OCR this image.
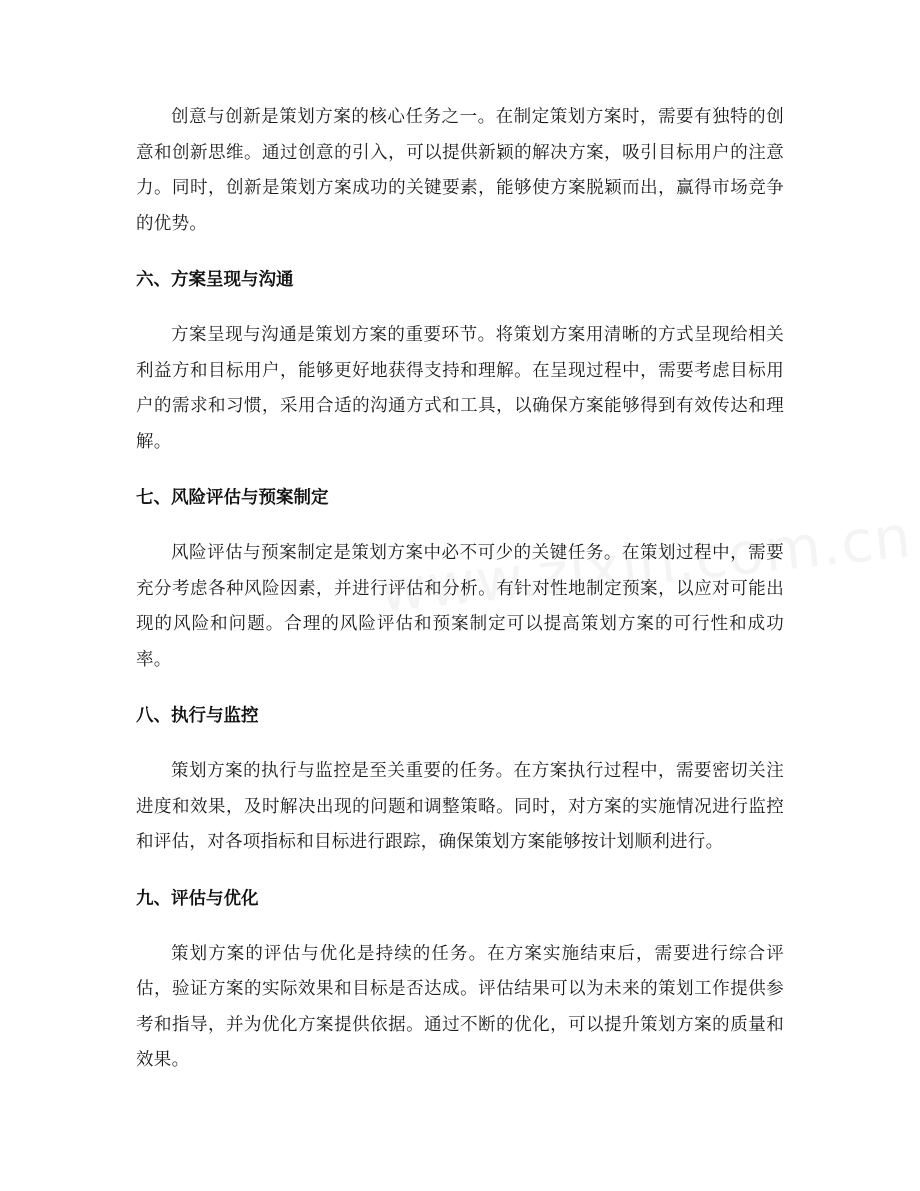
创意与创新是策划方案的核心任务之一。在制定策划方案时，需要有独特的创意和创新思维。通过创意的引入，可以提供新颖的解决方案，吸引目标用户的注意力。同时，创新是策划方案成功的关键要素，能够使方案脱颖而出，赢得市场竞争的优势。

六、方案呈现与沟通

方案呈现与沟通是策划方案的重要环节。将策划方案用清晰的方式呈现给相关利益方和目标用户，能够更好地获得支持和理解。在呈现过程中，需要考虑目标用户的需求和习惯，采用合适的沟通方式和工具，以确保方案能够得到有效传达和理解。

七、风险评估与预案制定

风险评估与预案制定是策划方案中必不可少的关键任务。在策划过程中，需要充分考虑各种风险因素，并进行评估和分析。有针对性地制定预案，以应对可能出现的风险和问题。合理的风险评估和预案制定可以提高策划方案的可行性和成功率。

八、执行与监控

策划方案的执行与监控是至关重要的任务。在方案执行过程中，需要密切关注进度和效果，及时解决出现的问题和调整策略。同时，对方案的实施情况进行监控和评估，对各项指标和目标进行跟踪，确保策划方案能够按计划顺利进行。

九、评估与优化

策划方案的评估与优化是持续的任务。在方案实施结束后，需要进行综合评估，验证方案的实际效果和目标是否达成。评估结果可以为未来的策划工作提供参考和指导，并为优化方案提供依据。通过不断的优化，可以提升策划方案的质量和效果。
